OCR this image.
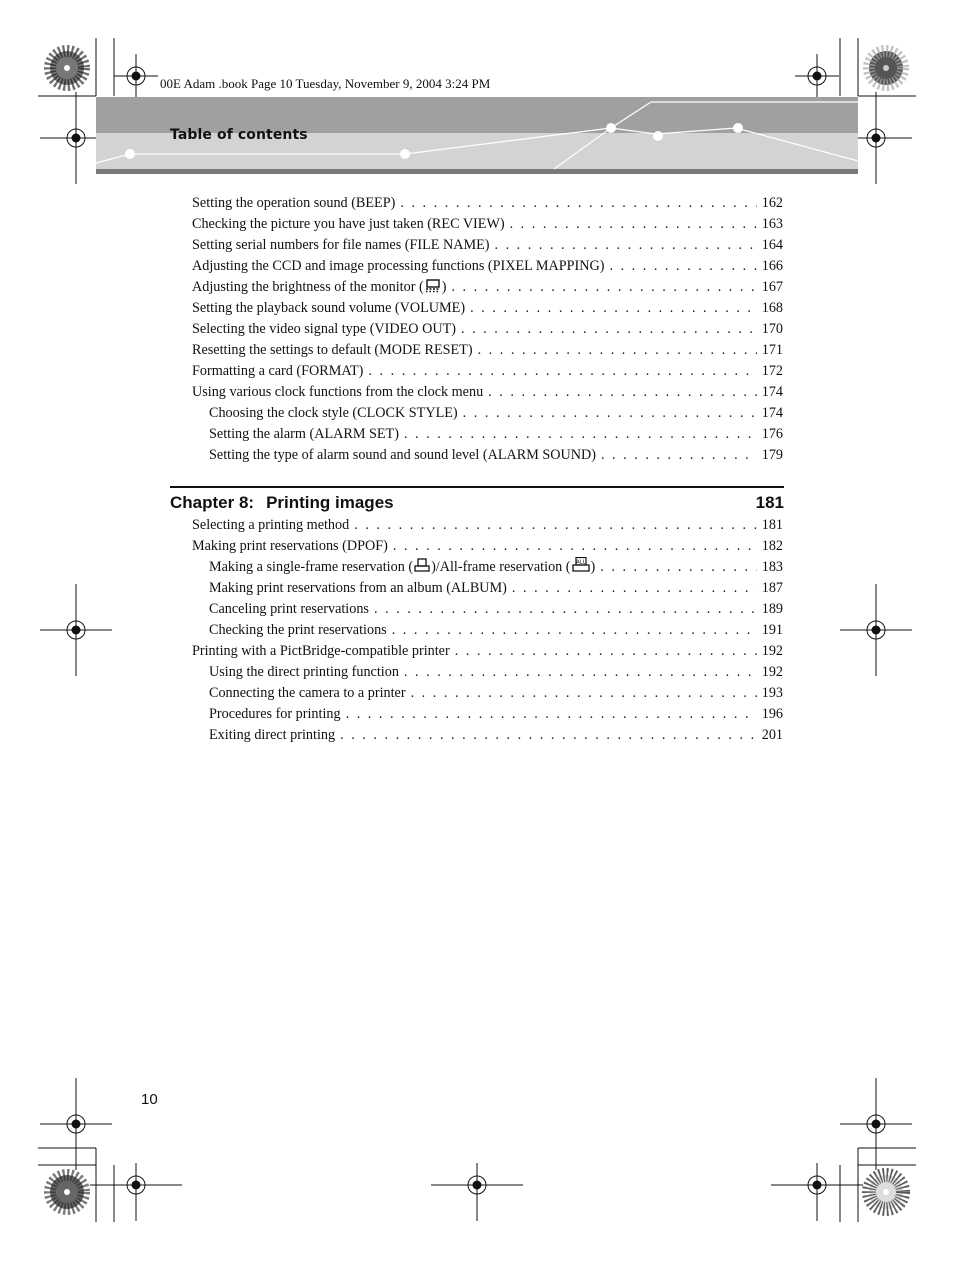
00E Adam .book Page 10 Tuesday, November 9, 2004 3:24 PM
Table of contents
Setting the operation sound (BEEP) . . .	162
Checking the picture you have just taken (REC VIEW) . . .	163
Setting serial numbers for file names (FILE NAME) . . .	164
Adjusting the CCD and image processing functions (PIXEL MAPPING) . . .	166
Adjusting the brightness of the monitor ( ) . . .	167
Setting the playback sound volume (VOLUME) . . .	168
Selecting the video signal type (VIDEO OUT) . . .	170
Resetting the settings to default (MODE RESET) . . .	171
Formatting a card (FORMAT) . . .	172
Using various clock functions from the clock menu . . .	174
Choosing the clock style (CLOCK STYLE) . . .	174
Setting the alarm (ALARM SET) . . .	176
Setting the type of alarm sound and sound level (ALARM SOUND) . . .	179
Chapter 8: Printing images	181
Selecting a printing method . . .	181
Making print reservations (DPOF) . . .	182
Making a single-frame reservation ( )/All-frame reservation ( ALL ) . . .	183
Making print reservations from an album (ALBUM) . . .	187
Canceling print reservations . . .	189
Checking the print reservations . . .	191
Printing with a PictBridge-compatible printer . . .	192
Using the direct printing function . . .	192
Connecting the camera to a printer . . .	193
Procedures for printing . . .	196
Exiting direct printing . . .	201
10
